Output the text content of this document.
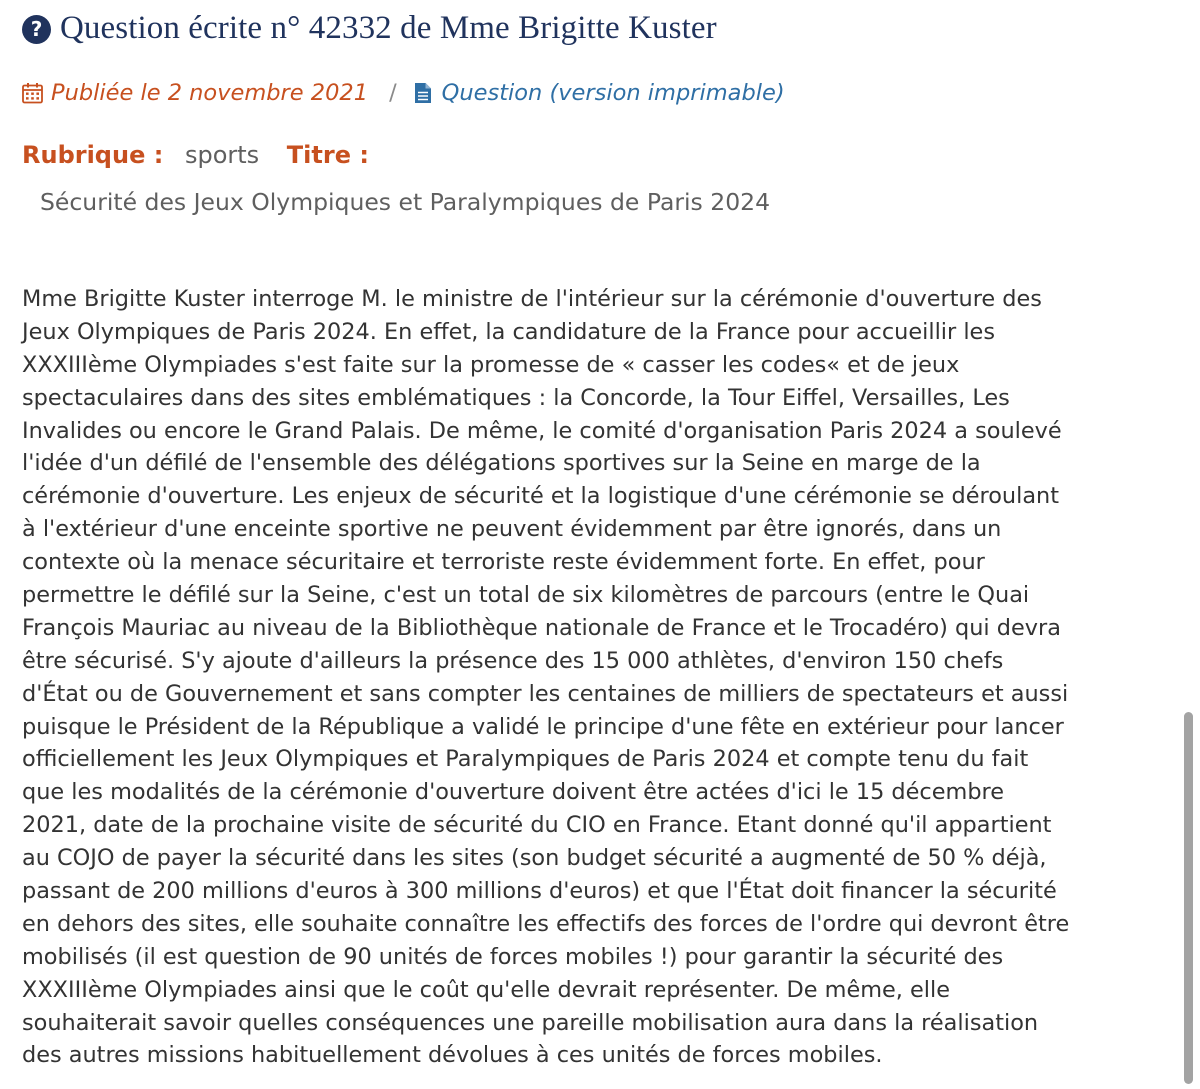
? Question écrite n° 42332 de Mme Brigitte Kuster
Publiée le 2 novembre 2021 / Question (version imprimable)
Rubrique : sports Titre :
Sécurité des Jeux Olympiques et Paralympiques de Paris 2024
Mme Brigitte Kuster interroge M. le ministre de l'intérieur sur la cérémonie d'ouverture des
Jeux Olympiques de Paris 2024. En effet, la candidature de la France pour accueillir les
XXXIIIème Olympiades s'est faite sur la promesse de « casser les codes« et de jeux
spectaculaires dans des sites emblématiques : la Concorde, la Tour Eiffel, Versailles, Les
Invalides ou encore le Grand Palais. De même, le comité d'organisation Paris 2024 a soulevé
l'idée d'un défilé de l'ensemble des délégations sportives sur la Seine en marge de la
cérémonie d'ouverture. Les enjeux de sécurité et la logistique d'une cérémonie se déroulant
à l'extérieur d'une enceinte sportive ne peuvent évidemment par être ignorés, dans un
contexte où la menace sécuritaire et terroriste reste évidemment forte. En effet, pour
permettre le défilé sur la Seine, c'est un total de six kilomètres de parcours (entre le Quai
François Mauriac au niveau de la Bibliothèque nationale de France et le Trocadéro) qui devra
être sécurisé. S'y ajoute d'ailleurs la présence des 15 000 athlètes, d'environ 150 chefs
d'État ou de Gouvernement et sans compter les centaines de milliers de spectateurs et aussi
puisque le Président de la République a validé le principe d'une fête en extérieur pour lancer
officiellement les Jeux Olympiques et Paralympiques de Paris 2024 et compte tenu du fait
que les modalités de la cérémonie d'ouverture doivent être actées d'ici le 15 décembre
2021, date de la prochaine visite de sécurité du CIO en France. Etant donné qu'il appartient
au COJO de payer la sécurité dans les sites (son budget sécurité a augmenté de 50 % déjà,
passant de 200 millions d'euros à 300 millions d'euros) et que l'État doit financer la sécurité
en dehors des sites, elle souhaite connaître les effectifs des forces de l'ordre qui devront être
mobilisés (il est question de 90 unités de forces mobiles !) pour garantir la sécurité des
XXXIIIème Olympiades ainsi que le coût qu'elle devrait représenter. De même, elle
souhaiterait savoir quelles conséquences une pareille mobilisation aura dans la réalisation
des autres missions habituellement dévolues à ces unités de forces mobiles.
